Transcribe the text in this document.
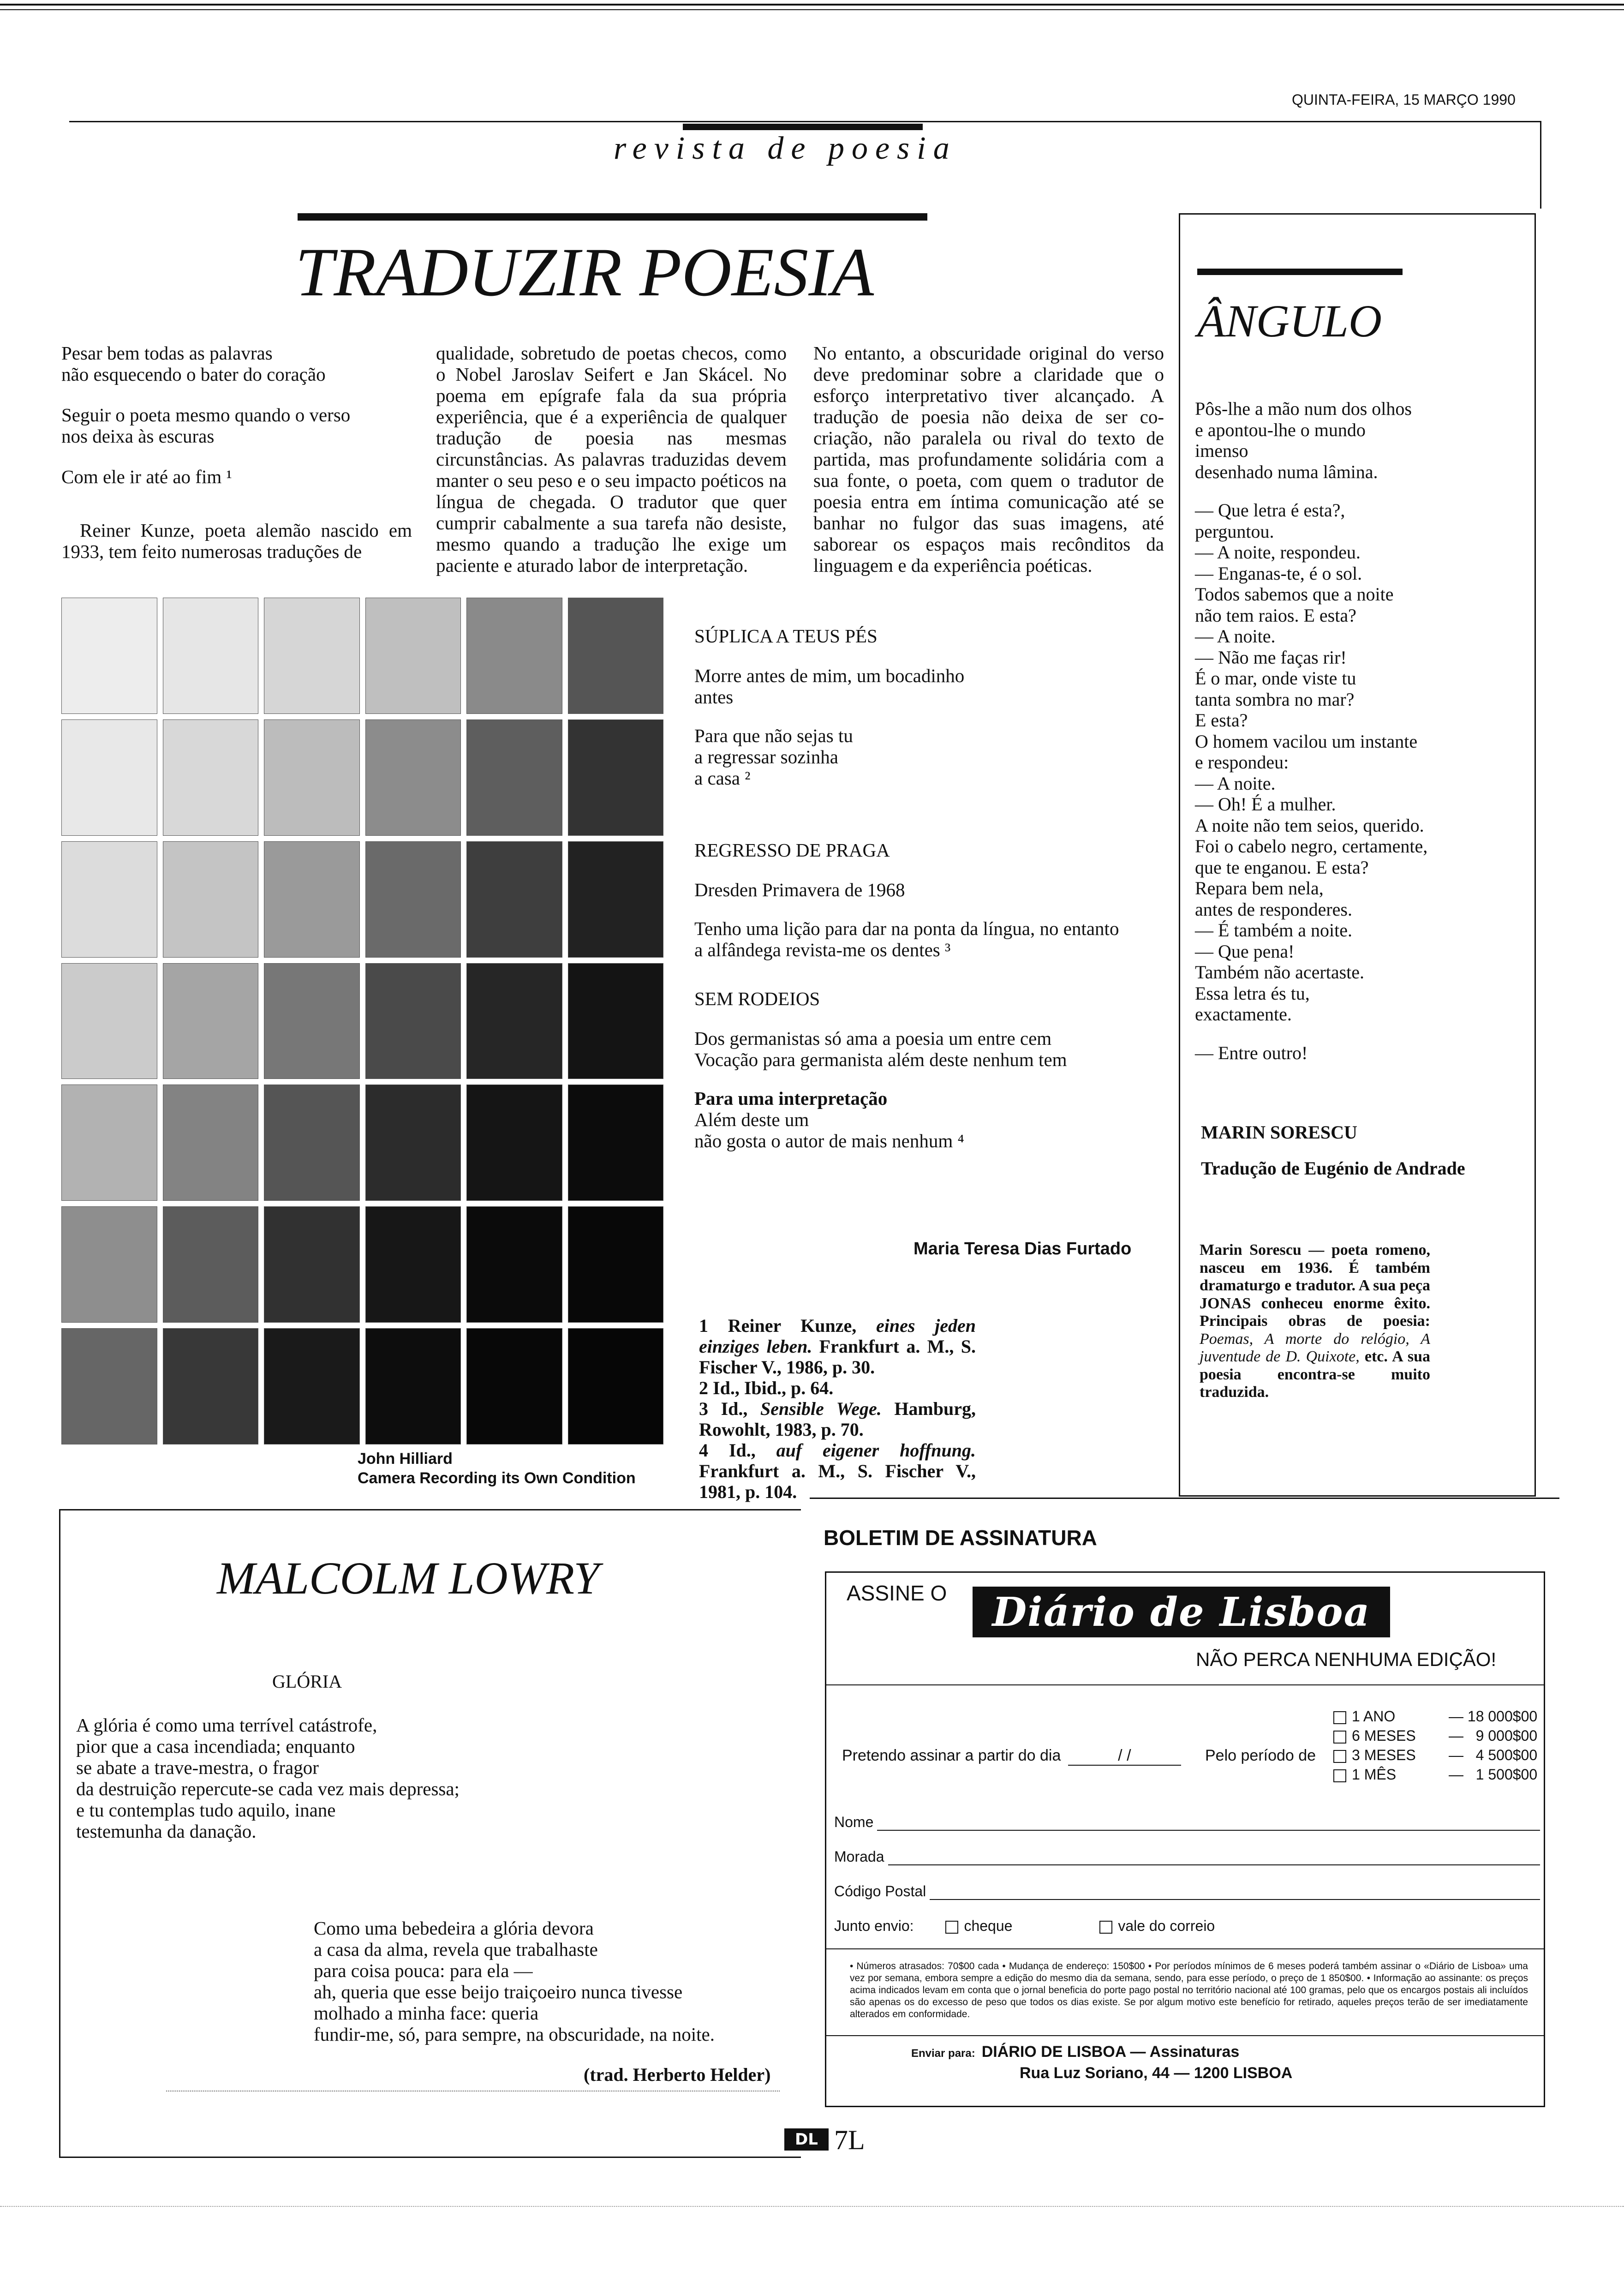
QUINTA-FEIRA, 15 MARÇO 1990
revista de poesia
TRADUZIR POESIA
Pesar bem todas as palavras
não esquecendo o bater do coração
Seguir o poeta mesmo quando o verso
nos deixa às escuras
Com ele ir até ao fim ¹
Reiner Kunze, poeta alemão nascido em 1933, tem feito numerosas traduções de
qualidade, sobretudo de poetas checos, como o Nobel Jaroslav Seifert e Jan Skácel. No poema em epígrafe fala da sua própria experiência, que é a experiência de qualquer tradução de poesia nas mesmas circunstâncias. As palavras traduzidas devem manter o seu peso e o seu impacto poéticos na língua de chegada. O tradutor que quer cumprir cabalmente a sua tarefa não desiste, mesmo quando a tradução lhe exige um paciente e aturado labor de interpretação.
No entanto, a obscuridade original do verso deve predominar sobre a claridade que o esforço interpretativo tiver alcançado. A tradução de poesia não deixa de ser co-criação, não paralela ou rival do texto de partida, mas profundamente solidária com a sua fonte, o poeta, com quem o tradutor de poesia entra em íntima comunicação até se banhar no fulgor das suas imagens, até saborear os espaços mais recônditos da linguagem e da experiência poéticas.
John Hilliard
Camera Recording its Own Condition
SÚPLICA A TEUS PÉS
Morre antes de mim, um bocadinho
antes
Para que não sejas tu
a regressar sozinha
a casa ²
REGRESSO DE PRAGA
Dresden Primavera de 1968
Tenho uma lição para dar na ponta da língua, no entanto
a alfândega revista-me os dentes ³
SEM RODEIOS
Dos germanistas só ama a poesia um entre cem
Vocação para germanista além deste nenhum tem
Para uma interpretação
Além deste um
não gosta o autor de mais nenhum ⁴
Maria Teresa Dias Furtado
1 Reiner Kunze, eines jeden einziges leben. Frankfurt a. M., S. Fischer V., 1986, p. 30.
2 Id., Ibid., p. 64.
3 Id., Sensible Wege. Hamburg, Rowohlt, 1983, p. 70.
4 Id., auf eigener hoffnung. Frankfurt a. M., S. Fischer V., 1981, p. 104.
ÂNGULO
Pôs-lhe a mão num dos olhos
e apontou-lhe o mundo
imenso
desenhado numa lâmina.
— Que letra é esta?,
perguntou.
— A noite, respondeu.
— Enganas-te, é o sol.
Todos sabemos que a noite
não tem raios. E esta?
— A noite.
— Não me faças rir!
É o mar, onde viste tu
tanta sombra no mar?
E esta?
O homem vacilou um instante
e respondeu:
— A noite.
— Oh! É a mulher.
A noite não tem seios, querido.
Foi o cabelo negro, certamente,
que te enganou. E esta?
Repara bem nela,
antes de responderes.
— É também a noite.
— Que pena!
Também não acertaste.
Essa letra és tu,
exactamente.
— Entre outro!
MARIN SORESCU
Tradução de Eugénio de Andrade
Marin Sorescu — poeta romeno, nasceu em 1936. É também dramaturgo e tradutor. A sua peça JONAS conheceu enorme êxito. Principais obras de poesia: Poemas, A morte do relógio, A juventude de D. Quixote, etc. A sua poesia encontra-se muito traduzida.
MALCOLM LOWRY
GLÓRIA
A glória é como uma terrível catástrofe,
pior que a casa incendiada; enquanto
se abate a trave-mestra, o fragor
da destruição repercute-se cada vez mais depressa;
e tu contemplas tudo aquilo, inane
testemunha da danação.
Como uma bebedeira a glória devora
a casa da alma, revela que trabalhaste
para coisa pouca: para ela —
ah, queria que esse beijo traiçoeiro nunca tivesse
molhado a minha face: queria
fundir-me, só, para sempre, na obscuridade, na noite.
(trad. Herberto Helder)
BOLETIM DE ASSINATURA
ASSINE O Diário de Lisboa
NÃO PERCA NENHUMA EDIÇÃO!
Pretendo assinar a partir do dia	/ /	Pelo período de
1 ANO	— 18 000$00
6 MESES —   9 000$00
3 MESES —   4 500$00
1 MÊS	—   1 500$00
Nome
Morada
Código Postal
Junto envio:	cheque	vale do correio
• Números atrasados: 70$00 cada • Mudança de endereço: 150$00 • Por períodos mínimos de 6 meses poderá também assinar o «Diário de Lisboa» uma vez por semana, embora sempre a edição do mesmo dia da semana, sendo, para esse período, o preço de 1 850$00. • Informação ao assinante: os preços acima indicados levam em conta que o jornal beneficia do porte pago postal no território nacional até 100 gramas, pelo que os encargos postais ali incluídos são apenas os do excesso de peso que todos os dias existe. Se por algum motivo este benefício for retirado, aqueles preços terão de ser imediatamente alterados em conformidade.
Enviar para: DIÁRIO DE LISBOA — Assinaturas
Rua Luz Soriano, 44 — 1200 LISBOA
DL 7L
